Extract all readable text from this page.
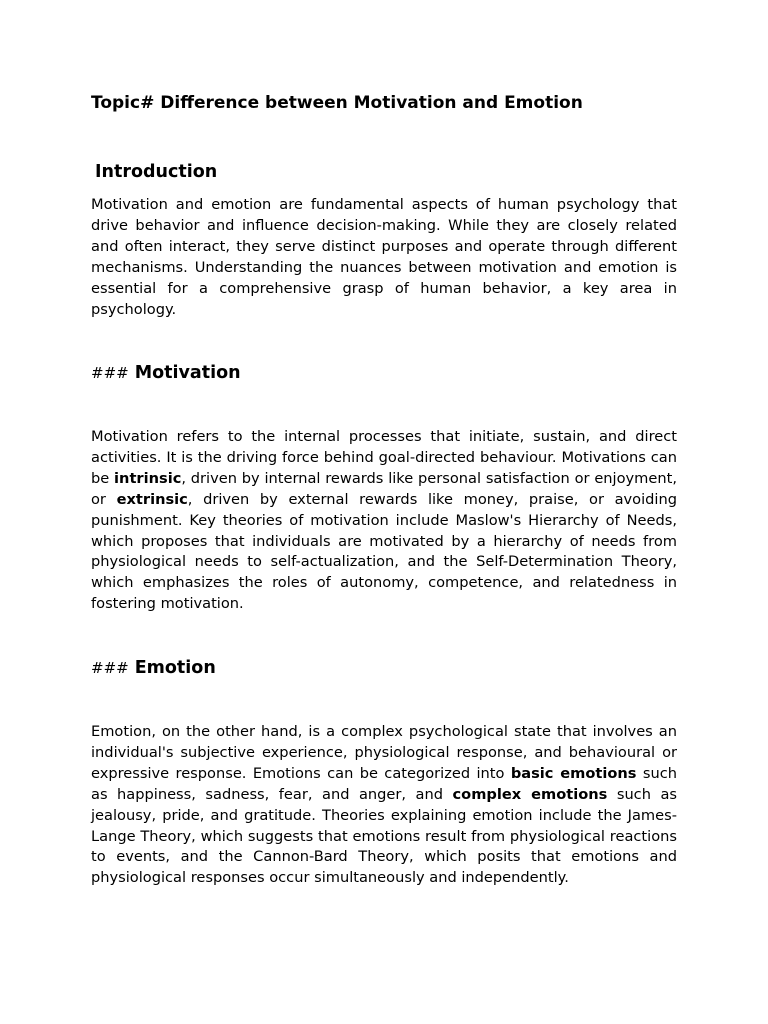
Topic# Difference between Motivation and Emotion
Introduction

Motivation and emotion are fundamental aspects of human psychology that drive behavior and influence decision-making. While they are closely related and often interact, they serve distinct purposes and operate through different mechanisms. Understanding the nuances between motivation and emotion is essential for a comprehensive grasp of human behavior, a key area in psychology.

### Motivation

Motivation refers to the internal processes that initiate, sustain, and direct activities. It is the driving force behind goal-directed behaviour. Motivations can be intrinsic, driven by internal rewards like personal satisfaction or enjoyment, or extrinsic, driven by external rewards like money, praise, or avoiding punishment. Key theories of motivation include Maslow's Hierarchy of Needs, which proposes that individuals are motivated by a hierarchy of needs from physiological needs to self-actualization, and the Self-Determination Theory, which emphasizes the roles of autonomy, competence, and relatedness in fostering motivation.

### Emotion

Emotion, on the other hand, is a complex psychological state that involves an individual's subjective experience, physiological response, and behavioural or expressive response. Emotions can be categorized into basic emotions such as happiness, sadness, fear, and anger, and complex emotions such as jealousy, pride, and gratitude. Theories explaining emotion include the James-Lange Theory, which suggests that emotions result from physiological reactions to events, and the Cannon-Bard Theory, which posits that emotions and physiological responses occur simultaneously and independently.
